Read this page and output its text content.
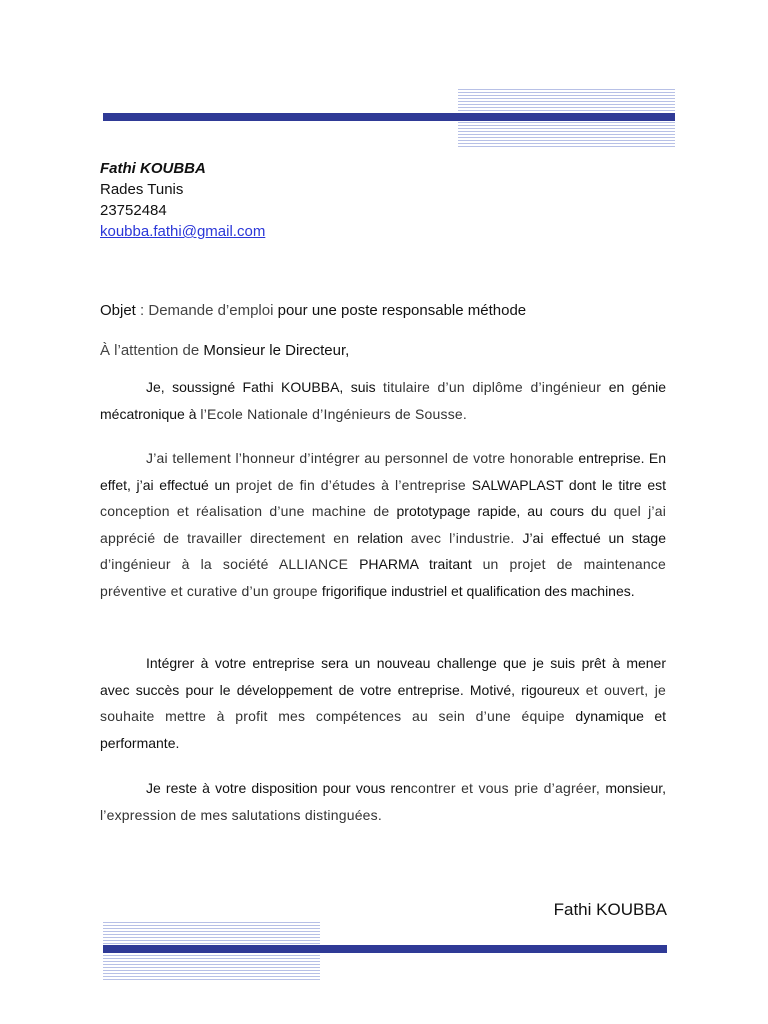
Fathi KOUBBA
Rades Tunis
23752484
koubba.fathi@gmail.com
Objet : Demande d’emploi pour une poste responsable méthode
À l’attention de Monsieur le Directeur,
Je, soussigné Fathi KOUBBA, suis titulaire d’un diplôme d’ingénieur en génie mécatronique à l’Ecole Nationale d’Ingénieurs de Sousse.
J’ai tellement l’honneur d’intégrer au personnel de votre honorable entreprise. En effet, j’ai effectué un projet de fin d’études à l’entreprise SALWAPLAST dont le titre est conception et réalisation d’une machine de prototypage rapide, au cours du quel j’ai apprécié de travailler directement en relation avec l’industrie. J’ai effectué un stage d’ingénieur à la société ALLIANCE PHARMA traitant un projet de maintenance préventive et curative d’un groupe frigorifique industriel et qualification des machines.
Intégrer à votre entreprise sera un nouveau challenge que je suis prêt à mener avec succès pour le développement de votre entreprise. Motivé, rigoureux et ouvert, je souhaite mettre à profit mes compétences au sein d’une équipe dynamique et performante.
Je reste à votre disposition pour vous rencontrer et vous prie d’agréer, monsieur, l’expression de mes salutations distinguées.
Fathi KOUBBA
